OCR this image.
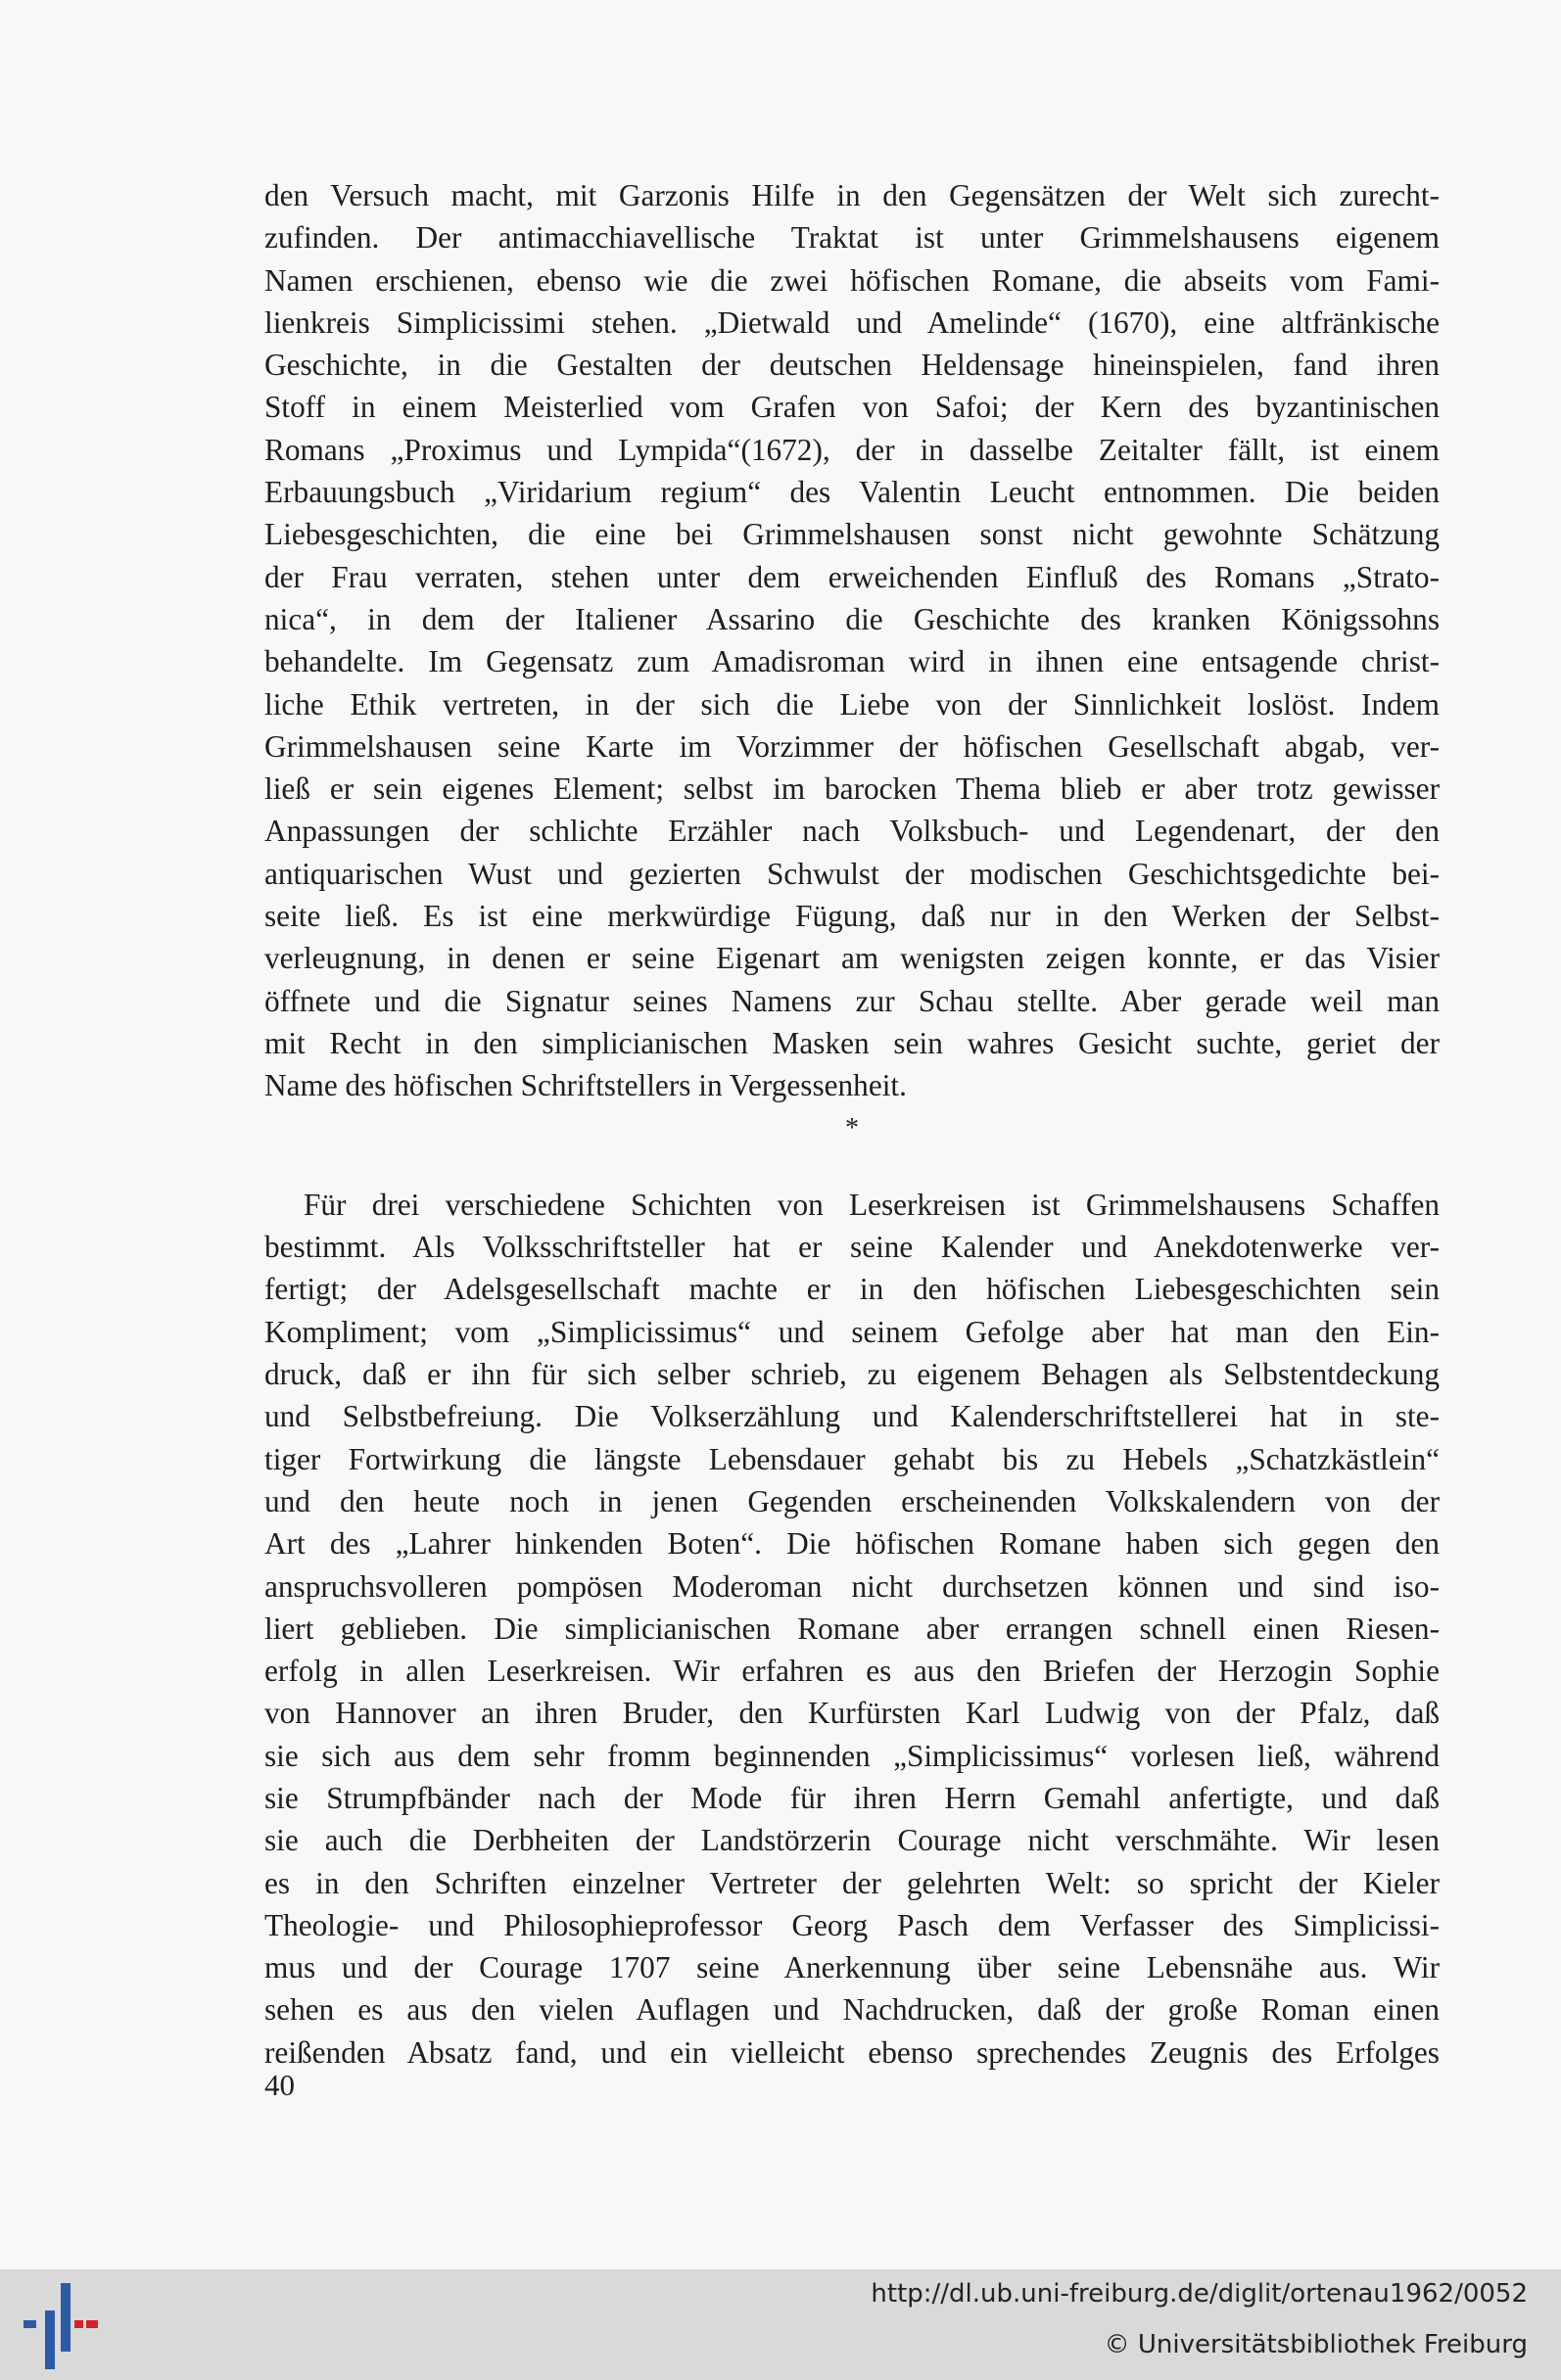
den Versuch macht, mit Garzonis Hilfe in den Gegensätzen der Welt sich zurecht-
zufinden. Der antimacchiavellische Traktat ist unter Grimmelshausens eigenem
Namen erschienen, ebenso wie die zwei höfischen Romane, die abseits vom Fami-
lienkreis Simplicissimi stehen. „Dietwald und Amelinde“ (1670), eine altfränkische
Geschichte, in die Gestalten der deutschen Heldensage hineinspielen, fand ihren
Stoff in einem Meisterlied vom Grafen von Safoi; der Kern des byzantinischen
Romans „Proximus und Lympida“(1672), der in dasselbe Zeitalter fällt, ist einem
Erbauungsbuch „Viridarium regium“ des Valentin Leucht entnommen. Die beiden
Liebesgeschichten, die eine bei Grimmelshausen sonst nicht gewohnte Schätzung
der Frau verraten, stehen unter dem erweichenden Einfluß des Romans „Strato-
nica“, in dem der Italiener Assarino die Geschichte des kranken Königssohns
behandelte. Im Gegensatz zum Amadisroman wird in ihnen eine entsagende christ-
liche Ethik vertreten, in der sich die Liebe von der Sinnlichkeit loslöst. Indem
Grimmelshausen seine Karte im Vorzimmer der höfischen Gesellschaft abgab, ver-
ließ er sein eigenes Element; selbst im barocken Thema blieb er aber trotz gewisser
Anpassungen der schlichte Erzähler nach Volksbuch- und Legendenart, der den
antiquarischen Wust und gezierten Schwulst der modischen Geschichtsgedichte bei-
seite ließ. Es ist eine merkwürdige Fügung, daß nur in den Werken der Selbst-
verleugnung, in denen er seine Eigenart am wenigsten zeigen konnte, er das Visier
öffnete und die Signatur seines Namens zur Schau stellte. Aber gerade weil man
mit Recht in den simplicianischen Masken sein wahres Gesicht suchte, geriet der
Name des höfischen Schriftstellers in Vergessenheit.
*
Für drei verschiedene Schichten von Leserkreisen ist Grimmelshausens Schaffen
bestimmt. Als Volksschriftsteller hat er seine Kalender und Anekdotenwerke ver-
fertigt; der Adelsgesellschaft machte er in den höfischen Liebesgeschichten sein
Kompliment; vom „Simplicissimus“ und seinem Gefolge aber hat man den Ein-
druck, daß er ihn für sich selber schrieb, zu eigenem Behagen als Selbstentdeckung
und Selbstbefreiung. Die Volkserzählung und Kalenderschriftstellerei hat in ste-
tiger Fortwirkung die längste Lebensdauer gehabt bis zu Hebels „Schatzkästlein“
und den heute noch in jenen Gegenden erscheinenden Volkskalendern von der
Art des „Lahrer hinkenden Boten“. Die höfischen Romane haben sich gegen den
anspruchsvolleren pompösen Moderoman nicht durchsetzen können und sind iso-
liert geblieben. Die simplicianischen Romane aber errangen schnell einen Riesen-
erfolg in allen Leserkreisen. Wir erfahren es aus den Briefen der Herzogin Sophie
von Hannover an ihren Bruder, den Kurfürsten Karl Ludwig von der Pfalz, daß
sie sich aus dem sehr fromm beginnenden „Simplicissimus“ vorlesen ließ, während
sie Strumpfbänder nach der Mode für ihren Herrn Gemahl anfertigte, und daß
sie auch die Derbheiten der Landstörzerin Courage nicht verschmähte. Wir lesen
es in den Schriften einzelner Vertreter der gelehrten Welt: so spricht der Kieler
Theologie- und Philosophieprofessor Georg Pasch dem Verfasser des Simplicissi-
mus und der Courage 1707 seine Anerkennung über seine Lebensnähe aus. Wir
sehen es aus den vielen Auflagen und Nachdrucken, daß der große Roman einen
reißenden Absatz fand, und ein vielleicht ebenso sprechendes Zeugnis des Erfolges
40
http://dl.ub.uni-freiburg.de/diglit/ortenau1962/0052
© Universitätsbibliothek Freiburg
